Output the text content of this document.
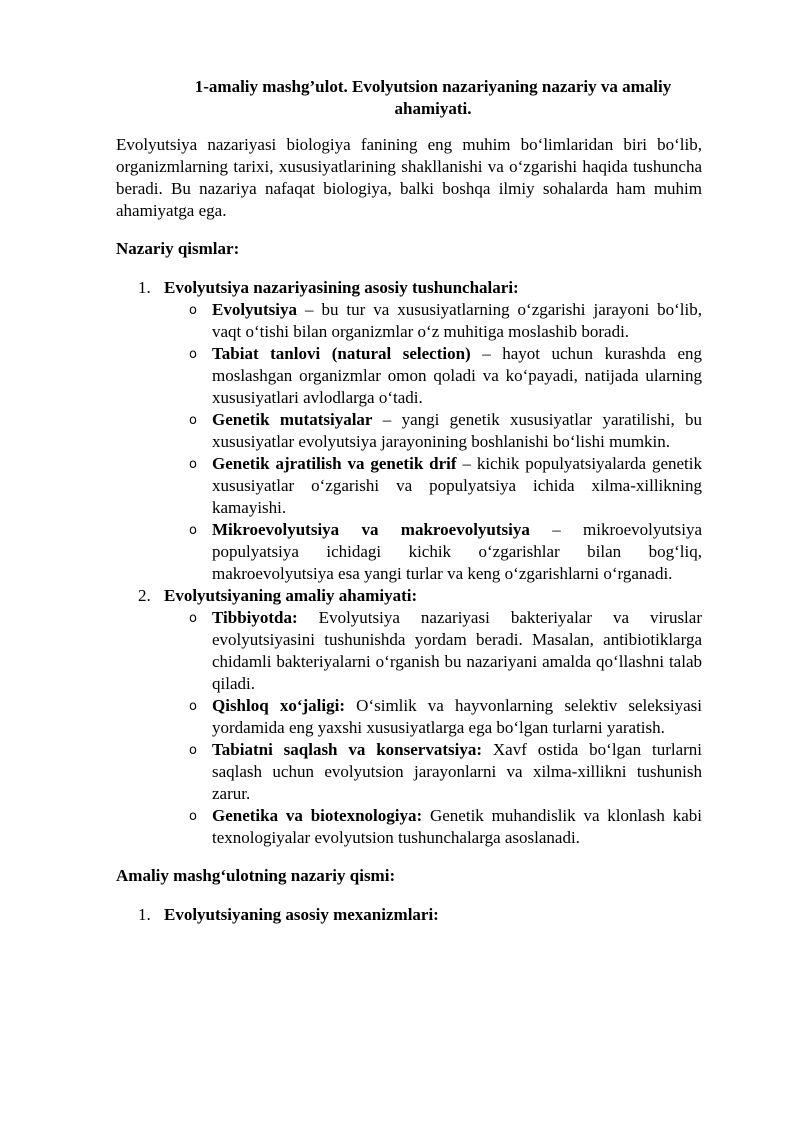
1-amaliy mashg’ulot. Evolyutsion nazariyaning nazariy va amaliy ahamiyati.

Evolyutsiya nazariyasi biologiya fanining eng muhim bo‘limlaridan biri bo‘lib, organizmlarning tarixi, xususiyatlarining shakllanishi va o‘zgarishi haqida tushuncha beradi. Bu nazariya nafaqat biologiya, balki boshqa ilmiy sohalarda ham muhim ahamiyatga ega.

Nazariy qismlar:
1. Evolyutsiya nazariyasining asosiy tushunchalari:
o Evolyutsiya – bu tur va xususiyatlarning o‘zgarishi jarayoni bo‘lib, vaqt o‘tishi bilan organizmlar o‘z muhitiga moslashib boradi.
o Tabiat tanlovi (natural selection) – hayot uchun kurashda eng moslashgan organizmlar omon qoladi va ko‘payadi, natijada ularning xususiyatlari avlodlarga o‘tadi.
o Genetik mutatsiyalar – yangi genetik xususiyatlar yaratilishi, bu xususiyatlar evolyutsiya jarayonining boshlanishi bo‘lishi mumkin.
o Genetik ajratilish va genetik drif – kichik populyatsiyalarda genetik xususiyatlar o‘zgarishi va populyatsiya ichida xilma-xillikning kamayishi.
o Mikroevolyutsiya va makroevolyutsiya – mikroevolyutsiya populyatsiya ichidagi kichik o‘zgarishlar bilan bog‘liq, makroevolyutsiya esa yangi turlar va keng o‘zgarishlarni o‘rganadi.
2. Evolyutsiyaning amaliy ahamiyati:
o Tibbiyotda: Evolyutsiya nazariyasi bakteriyalar va viruslar evolyutsiyasini tushunishda yordam beradi. Masalan, antibiotiklarga chidamli bakteriyalarni o‘rganish bu nazariyani amalda qo‘llashni talab qiladi.
o Qishloq xo‘jaligi: O‘simlik va hayvonlarning selektiv seleksiyasi yordamida eng yaxshi xususiyatlarga ega bo‘lgan turlarni yaratish.
o Tabiatni saqlash va konservatsiya: Xavf ostida bo‘lgan turlarni saqlash uchun evolyutsion jarayonlarni va xilma-xillikni tushunish zarur.
o Genetika va biotexnologiya: Genetik muhandislik va klonlash kabi texnologiyalar evolyutsion tushunchalarga asoslanadi.
Amaliy mashg‘ulotning nazariy qismi:
1. Evolyutsiyaning asosiy mexanizmlari:
